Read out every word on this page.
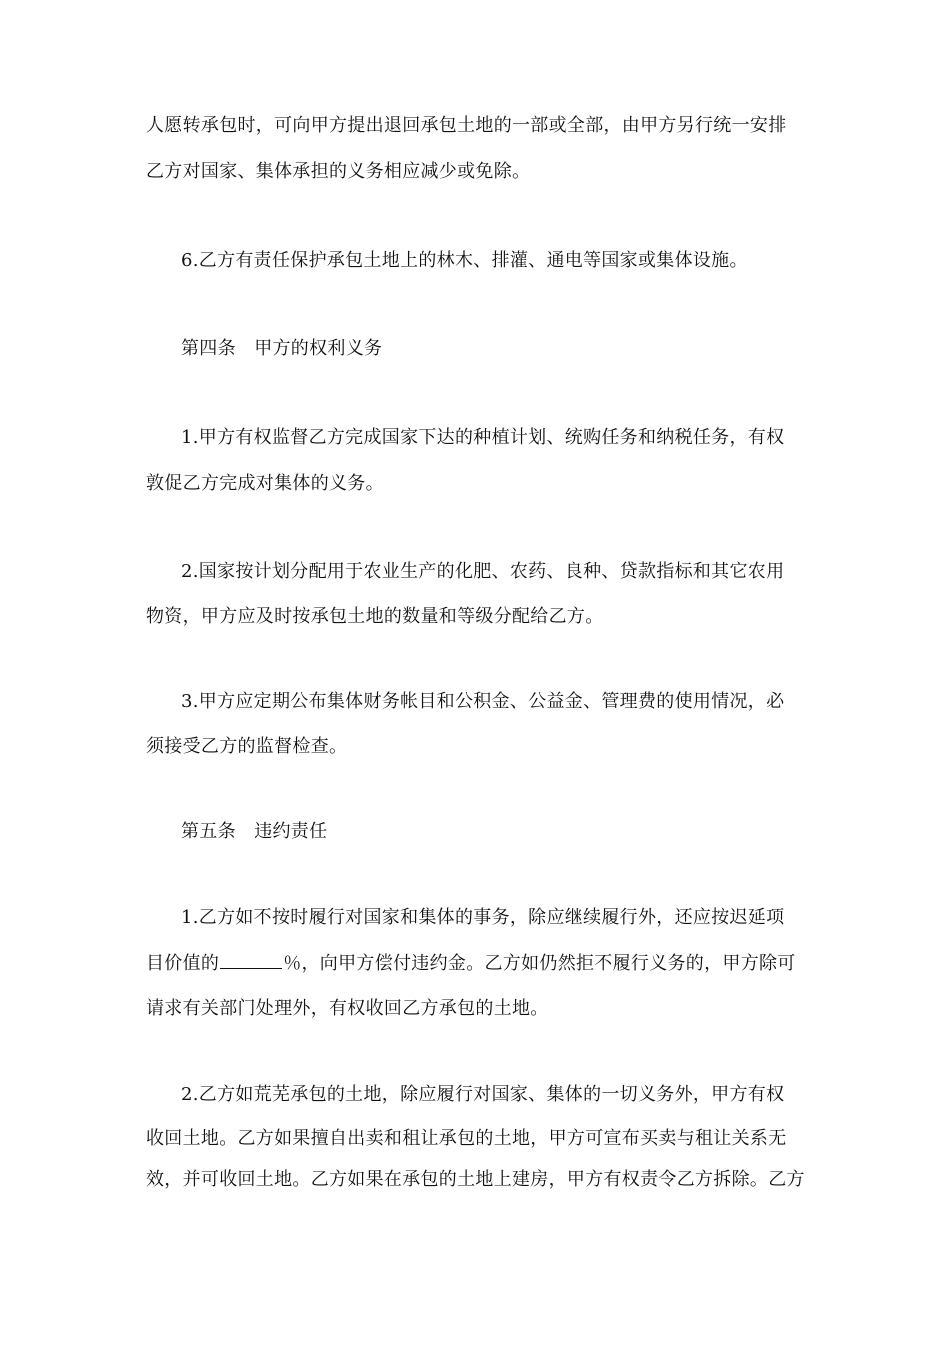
人愿转承包时，可向甲方提出退回承包土地的一部或全部，由甲方另行统一安排
乙方对国家、集体承担的义务相应减少或免除。
6.乙方有责任保护承包土地上的林木、排灌、通电等国家或集体设施。
第四条　甲方的权利义务
1.甲方有权监督乙方完成国家下达的种植计划、统购任务和纳税任务，有权
敦促乙方完成对集体的义务。
2.国家按计划分配用于农业生产的化肥、农药、良种、贷款指标和其它农用
物资，甲方应及时按承包土地的数量和等级分配给乙方。
3.甲方应定期公布集体财务帐目和公积金、公益金、管理费的使用情况，必
须接受乙方的监督检查。
第五条　违约责任
1.乙方如不按时履行对国家和集体的事务，除应继续履行外，还应按迟延项
目价值的	％，向甲方偿付违约金。乙方如仍然拒不履行义务的，甲方除可
请求有关部门处理外，有权收回乙方承包的土地。
2.乙方如荒芜承包的土地，除应履行对国家、集体的一切义务外，甲方有权
收回土地。乙方如果擅自出卖和租让承包的土地，甲方可宣布买卖与租让关系无
效，并可收回土地。乙方如果在承包的土地上建房，甲方有权责令乙方拆除。乙方
